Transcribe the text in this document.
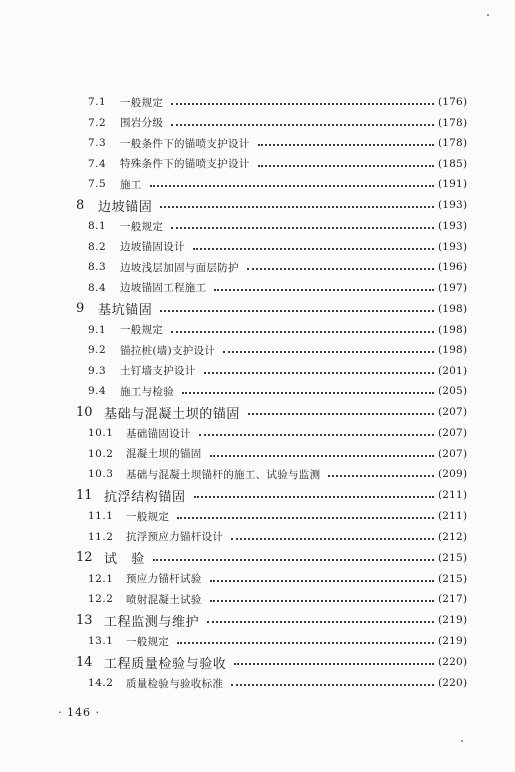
7.1 一般规定	(176)
7.2 围岩分级	(178)
7.3 一般条件下的锚喷支护设计	(178)
7.4 特殊条件下的锚喷支护设计	(185)
7.5 施工	(191)
8 边坡锚固	(193)
8.1 一般规定	(193)
8.2 边坡锚固设计	(193)
8.3 边坡浅层加固与面层防护	(196)
8.4 边坡锚固工程施工	(197)
9 基坑锚固	(198)
9.1 一般规定	(198)
9.2 锚拉桩(墙)支护设计	(198)
9.3 土钉墙支护设计	(201)
9.4 施工与检验	(205)
10 基础与混凝土坝的锚固	(207)
10.1 基础锚固设计	(207)
10.2 混凝土坝的锚固	(207)
10.3 基础与混凝土坝锚杆的施工、试验与监测	(209)
11 抗浮结构锚固	(211)
11.1 一般规定	(211)
11.2 抗浮预应力锚杆设计	(212)
12 试　验	(215)
12.1 预应力锚杆试验	(215)
12.2 喷射混凝土试验	(217)
13 工程监测与维护	(219)
13.1 一般规定	(219)
14 工程质量检验与验收	(220)
14.2 质量检验与验收标准	(220)
· 146 ·
